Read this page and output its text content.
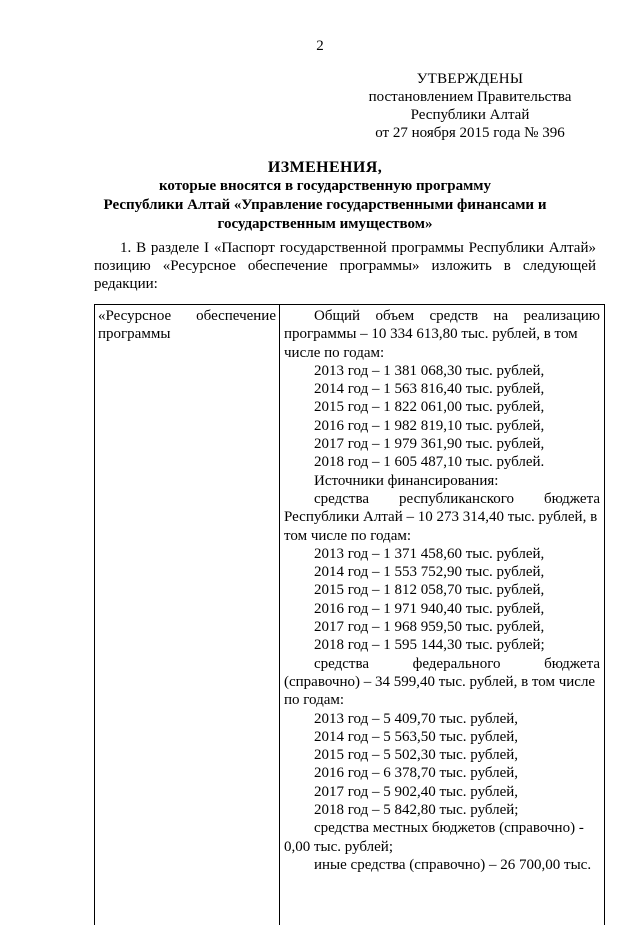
2
УТВЕРЖДЕНЫ
постановлением Правительства
Республики Алтай
от 27 ноября 2015 года № 396
ИЗМЕНЕНИЯ,
которые вносятся в государственную программу
Республики Алтай «Управление государственными финансами и
государственным имуществом»
1. В разделе I «Паспорт государственной программы Республики Алтай» позицию «Ресурсное обеспечение программы» изложить в следующей редакции:
«Ресурсное обеспечение
программы
Общий объем средств на реализацию
программы – 10 334 613,80 тыс. рублей, в том
числе по годам:
2013 год – 1 381 068,30 тыс. рублей,
2014 год – 1 563 816,40 тыс. рублей,
2015 год – 1 822 061,00 тыс. рублей,
2016 год – 1 982 819,10 тыс. рублей,
2017 год – 1 979 361,90 тыс. рублей,
2018 год – 1 605 487,10 тыс. рублей.
Источники финансирования:
средства республиканского бюджета
Республики Алтай – 10 273 314,40 тыс. рублей, в
том числе по годам:
2013 год – 1 371 458,60 тыс. рублей,
2014 год – 1 553 752,90 тыс. рублей,
2015 год – 1 812 058,70 тыс. рублей,
2016 год – 1 971 940,40 тыс. рублей,
2017 год – 1 968 959,50 тыс. рублей,
2018 год – 1 595 144,30 тыс. рублей;
средства	федерального	бюджета
(справочно) – 34 599,40 тыс. рублей, в том числе
по годам:
2013 год – 5 409,70 тыс. рублей,
2014 год – 5 563,50 тыс. рублей,
2015 год – 5 502,30 тыс. рублей,
2016 год – 6 378,70 тыс. рублей,
2017 год – 5 902,40 тыс. рублей,
2018 год – 5 842,80 тыс. рублей;
средства местных бюджетов (справочно) -
0,00 тыс. рублей;
иные средства (справочно) – 26 700,00 тыс.
